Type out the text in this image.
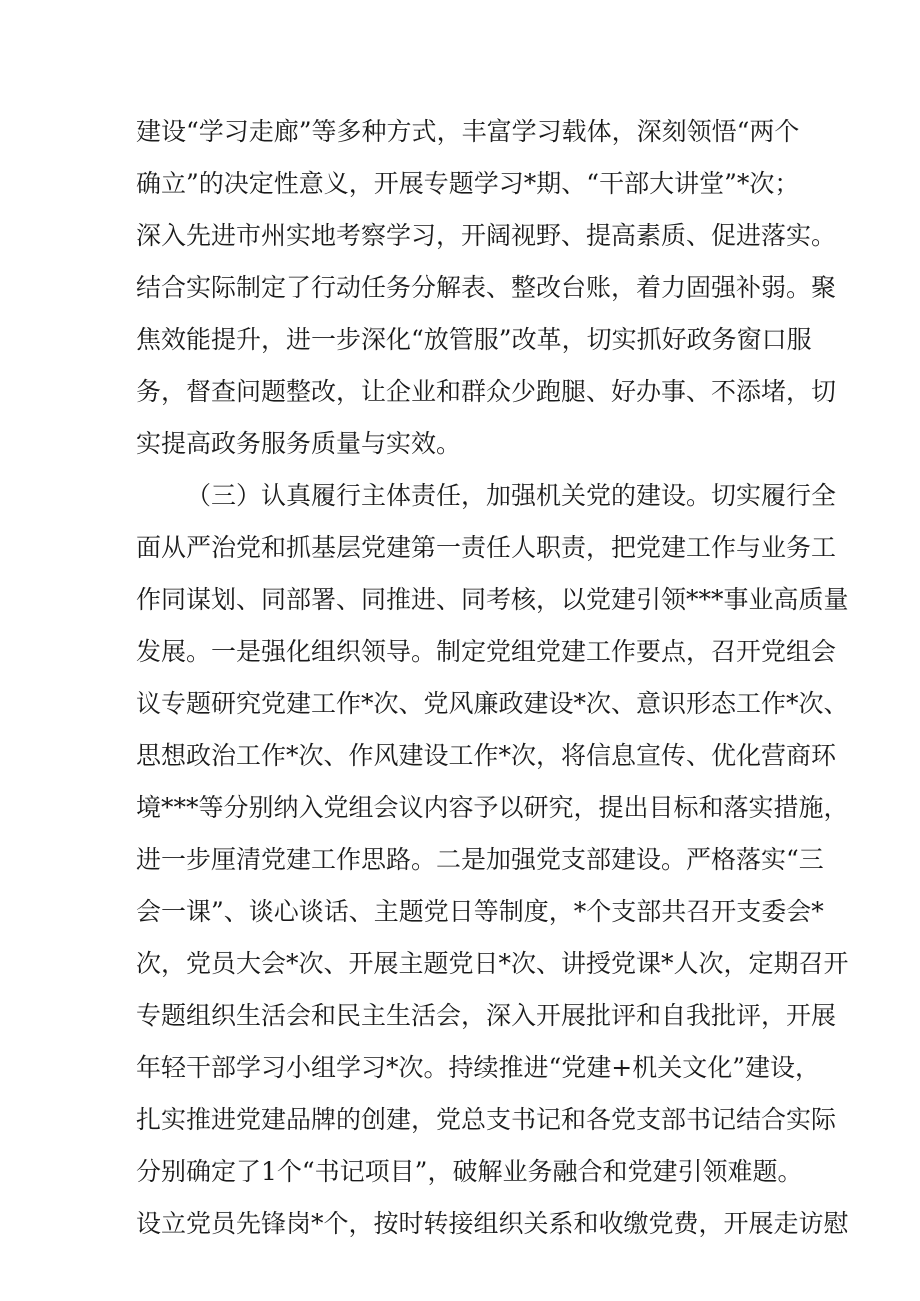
建设“学习走廊”等多种方式，丰富学习载体，深刻领悟“两个
确立”的决定性意义，开展专题学习*期、“干部大讲堂”*次；
深入先进市州实地考察学习，开阔视野、提高素质、促进落实。
结合实际制定了行动任务分解表、整改台账，着力固强补弱。聚
焦效能提升，进一步深化“放管服”改革，切实抓好政务窗口服
务，督查问题整改，让企业和群众少跑腿、好办事、不添堵，切
实提高政务服务质量与实效。
（三）认真履行主体责任，加强机关党的建设。切实履行全
面从严治党和抓基层党建第一责任人职责，把党建工作与业务工
作同谋划、同部署、同推进、同考核，以党建引领***事业高质量
发展。一是强化组织领导。制定党组党建工作要点，召开党组会
议专题研究党建工作*次、党风廉政建设*次、意识形态工作*次、
思想政治工作*次、作风建设工作*次，将信息宣传、优化营商环
境***等分别纳入党组会议内容予以研究，提出目标和落实措施，
进一步厘清党建工作思路。二是加强党支部建设。严格落实“三
会一课”、谈心谈话、主题党日等制度，*个支部共召开支委会*
次，党员大会*次、开展主题党日*次、讲授党课*人次，定期召开
专题组织生活会和民主生活会，深入开展批评和自我批评，开展
年轻干部学习小组学习*次。持续推进“党建+机关文化”建设，
扎实推进党建品牌的创建，党总支书记和各党支部书记结合实际
分别确定了1个“书记项目”，破解业务融合和党建引领难题。
设立党员先锋岗*个，按时转接组织关系和收缴党费，开展走访慰
